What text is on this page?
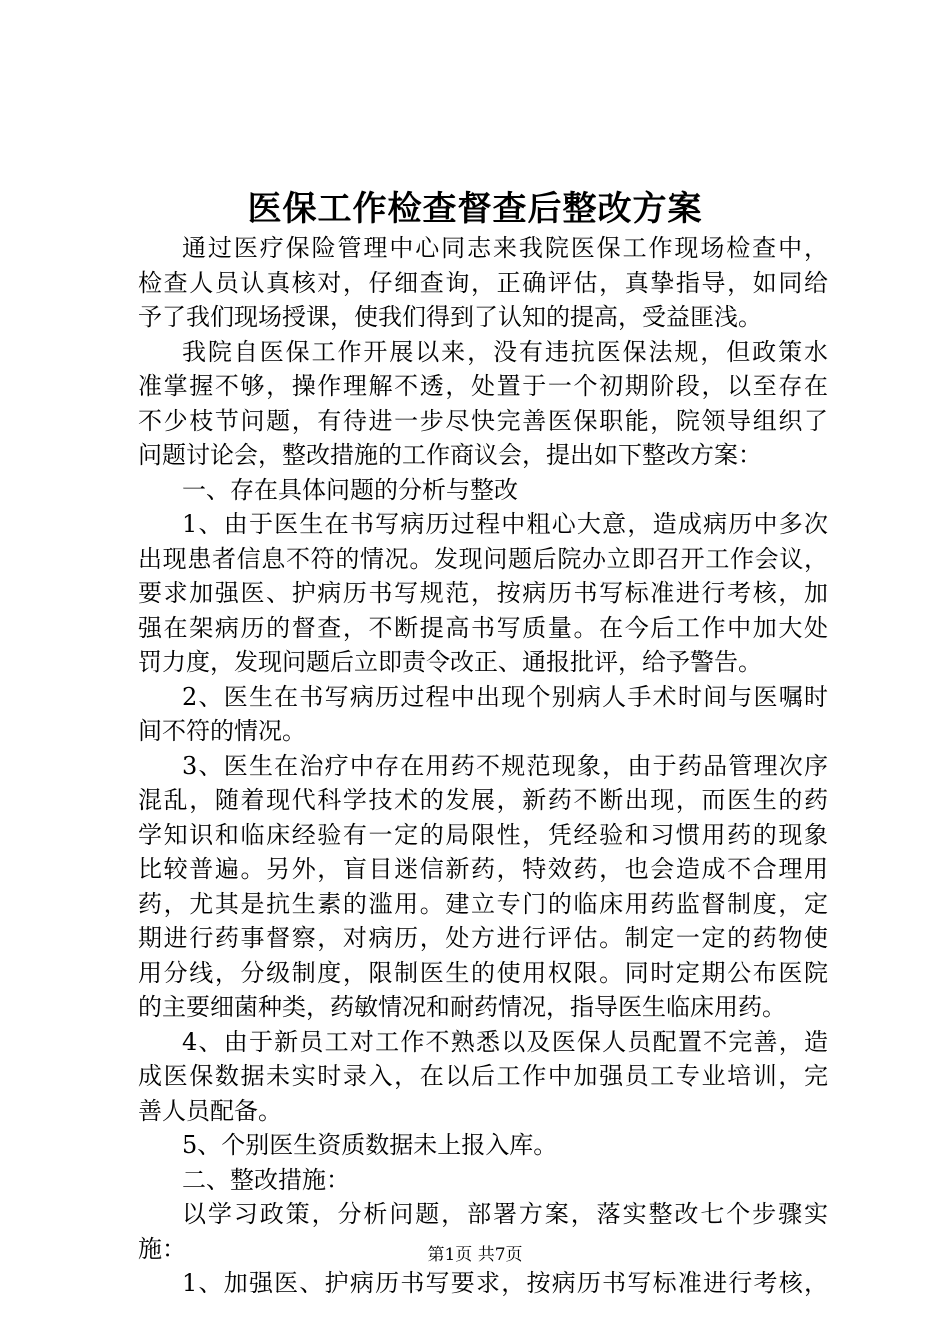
医保工作检查督查后整改方案
通过医疗保险管理中心同志来我院医保工作现场检查中，
检查人员认真核对，仔细查询，正确评估，真挚指导，如同给
予了我们现场授课，使我们得到了认知的提高，受益匪浅。
我院自医保工作开展以来，没有违抗医保法规，但政策水
准掌握不够，操作理解不透，处置于一个初期阶段，以至存在
不少枝节问题，有待进一步尽快完善医保职能，院领导组织了
问题讨论会，整改措施的工作商议会，提出如下整改方案：
一、存在具体问题的分析与整改
1、由于医生在书写病历过程中粗心大意，造成病历中多次
出现患者信息不符的情况。发现问题后院办立即召开工作会议，
要求加强医、护病历书写规范，按病历书写标准进行考核，加
强在架病历的督查，不断提高书写质量。在今后工作中加大处
罚力度，发现问题后立即责令改正、通报批评，给予警告。
2、医生在书写病历过程中出现个别病人手术时间与医嘱时
间不符的情况。
3、医生在治疗中存在用药不规范现象，由于药品管理次序
混乱，随着现代科学技术的发展，新药不断出现，而医生的药
学知识和临床经验有一定的局限性，凭经验和习惯用药的现象
比较普遍。另外，盲目迷信新药，特效药，也会造成不合理用
药，尤其是抗生素的滥用。建立专门的临床用药监督制度，定
期进行药事督察，对病历，处方进行评估。制定一定的药物使
用分线，分级制度，限制医生的使用权限。同时定期公布医院
的主要细菌种类，药敏情况和耐药情况，指导医生临床用药。
4、由于新员工对工作不熟悉以及医保人员配置不完善，造
成医保数据未实时录入，在以后工作中加强员工专业培训，完
善人员配备。
5、个别医生资质数据未上报入库。
二、整改措施：
以学习政策，分析问题，部署方案，落实整改七个步骤实
施：
1、加强医、护病历书写要求，按病历书写标准进行考核，
第1页 共7页
